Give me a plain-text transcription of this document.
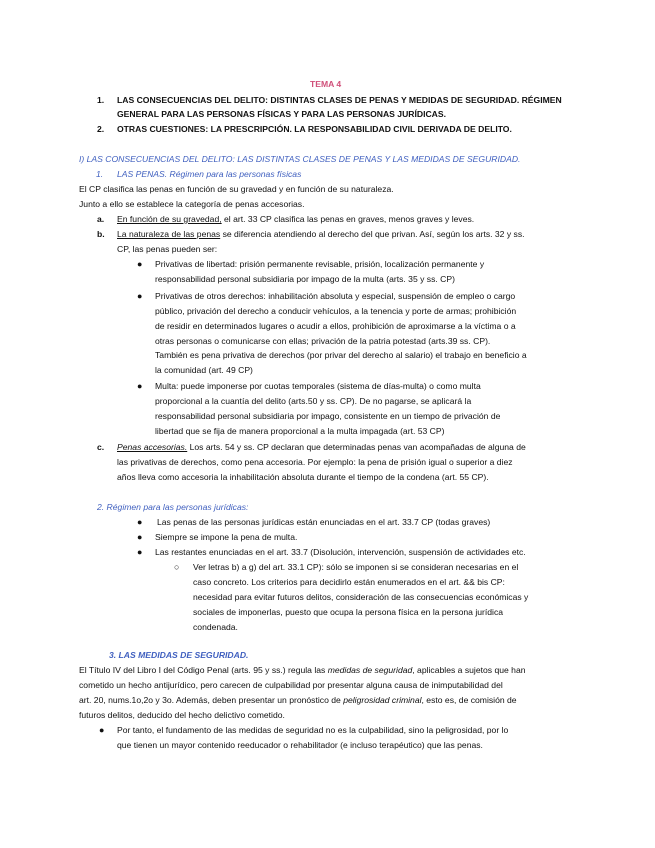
TEMA 4
1. LAS CONSECUENCIAS DEL DELITO: DISTINTAS CLASES DE PENAS Y MEDIDAS DE SEGURIDAD. RÉGIMEN
GENERAL PARA LAS PERSONAS FÍSICAS Y PARA LAS PERSONAS JURÍDICAS.
2. OTRAS CUESTIONES: LA PRESCRIPCIÓN. LA RESPONSABILIDAD CIVIL DERIVADA DE DELITO.
I) LAS CONSECUENCIAS DEL DELITO: LAS DISTINTAS CLASES DE PENAS Y LAS MEDIDAS DE SEGURIDAD.
1. LAS PENAS. Régimen para las personas físicas
El CP clasifica las penas en función de su gravedad y en función de su naturaleza.
Junto a ello se establece la categoría de penas accesorias.
a. En función de su gravedad, el art. 33 CP clasifica las penas en graves, menos graves y leves.
b. La naturaleza de las penas se diferencia atendiendo al derecho del que privan. Así, según los arts. 32 y ss.
CP, las penas pueden ser:
● Privativas de libertad: prisión permanente revisable, prisión, localización permanente y
responsabilidad personal subsidiaria por impago de la multa (arts. 35 y ss. CP)
● Privativas de otros derechos: inhabilitación absoluta y especial, suspensión de empleo o cargo
público, privación del derecho a conducir vehículos, a la tenencia y porte de armas; prohibición
de residir en determinados lugares o acudir a ellos, prohibición de aproximarse a la víctima o a
otras personas o comunicarse con ellas; privación de la patria potestad (arts.39 ss. CP).
También es pena privativa de derechos (por privar del derecho al salario) el trabajo en beneficio a
la comunidad (art. 49 CP)
● Multa: puede imponerse por cuotas temporales (sistema de días-multa) o como multa
proporcional a la cuantía del delito (arts.50 y ss. CP). De no pagarse, se aplicará la
responsabilidad personal subsidiaria por impago, consistente en un tiempo de privación de
libertad que se fija de manera proporcional a la multa impagada (art. 53 CP)
c. Penas accesorias. Los arts. 54 y ss. CP declaran que determinadas penas van acompañadas de alguna de
las privativas de derechos, como pena accesoria. Por ejemplo: la pena de prisión igual o superior a diez
años lleva como accesoria la inhabilitación absoluta durante el tiempo de la condena (art. 55 CP).
2. Régimen para las personas jurídicas:
● Las penas de las personas jurídicas están enunciadas en el art. 33.7 CP (todas graves)
● Siempre se impone la pena de multa.
● Las restantes enunciadas en el art. 33.7 (Disolución, intervención, suspensión de actividades etc.
○ Ver letras b) a g) del art. 33.1 CP): sólo se imponen si se consideran necesarias en el
caso concreto. Los criterios para decidirlo están enumerados en el art. && bis CP:
necesidad para evitar futuros delitos, consideración de las consecuencias económicas y
sociales de imponerlas, puesto que ocupa la persona física en la persona jurídica
condenada.
3. LAS MEDIDAS DE SEGURIDAD.
El Título IV del Libro I del Código Penal (arts. 95 y ss.) regula las medidas de seguridad, aplicables a sujetos que han
cometido un hecho antijurídico, pero carecen de culpabilidad por presentar alguna causa de inimputabilidad del
art. 20, nums.1o,2o y 3o. Además, deben presentar un pronóstico de peligrosidad criminal, esto es, de comisión de
futuros delitos, deducido del hecho delictivo cometido.
● Por tanto, el fundamento de las medidas de seguridad no es la culpabilidad, sino la peligrosidad, por lo
que tienen un mayor contenido reeducador o rehabilitador (e incluso terapéutico) que las penas.
